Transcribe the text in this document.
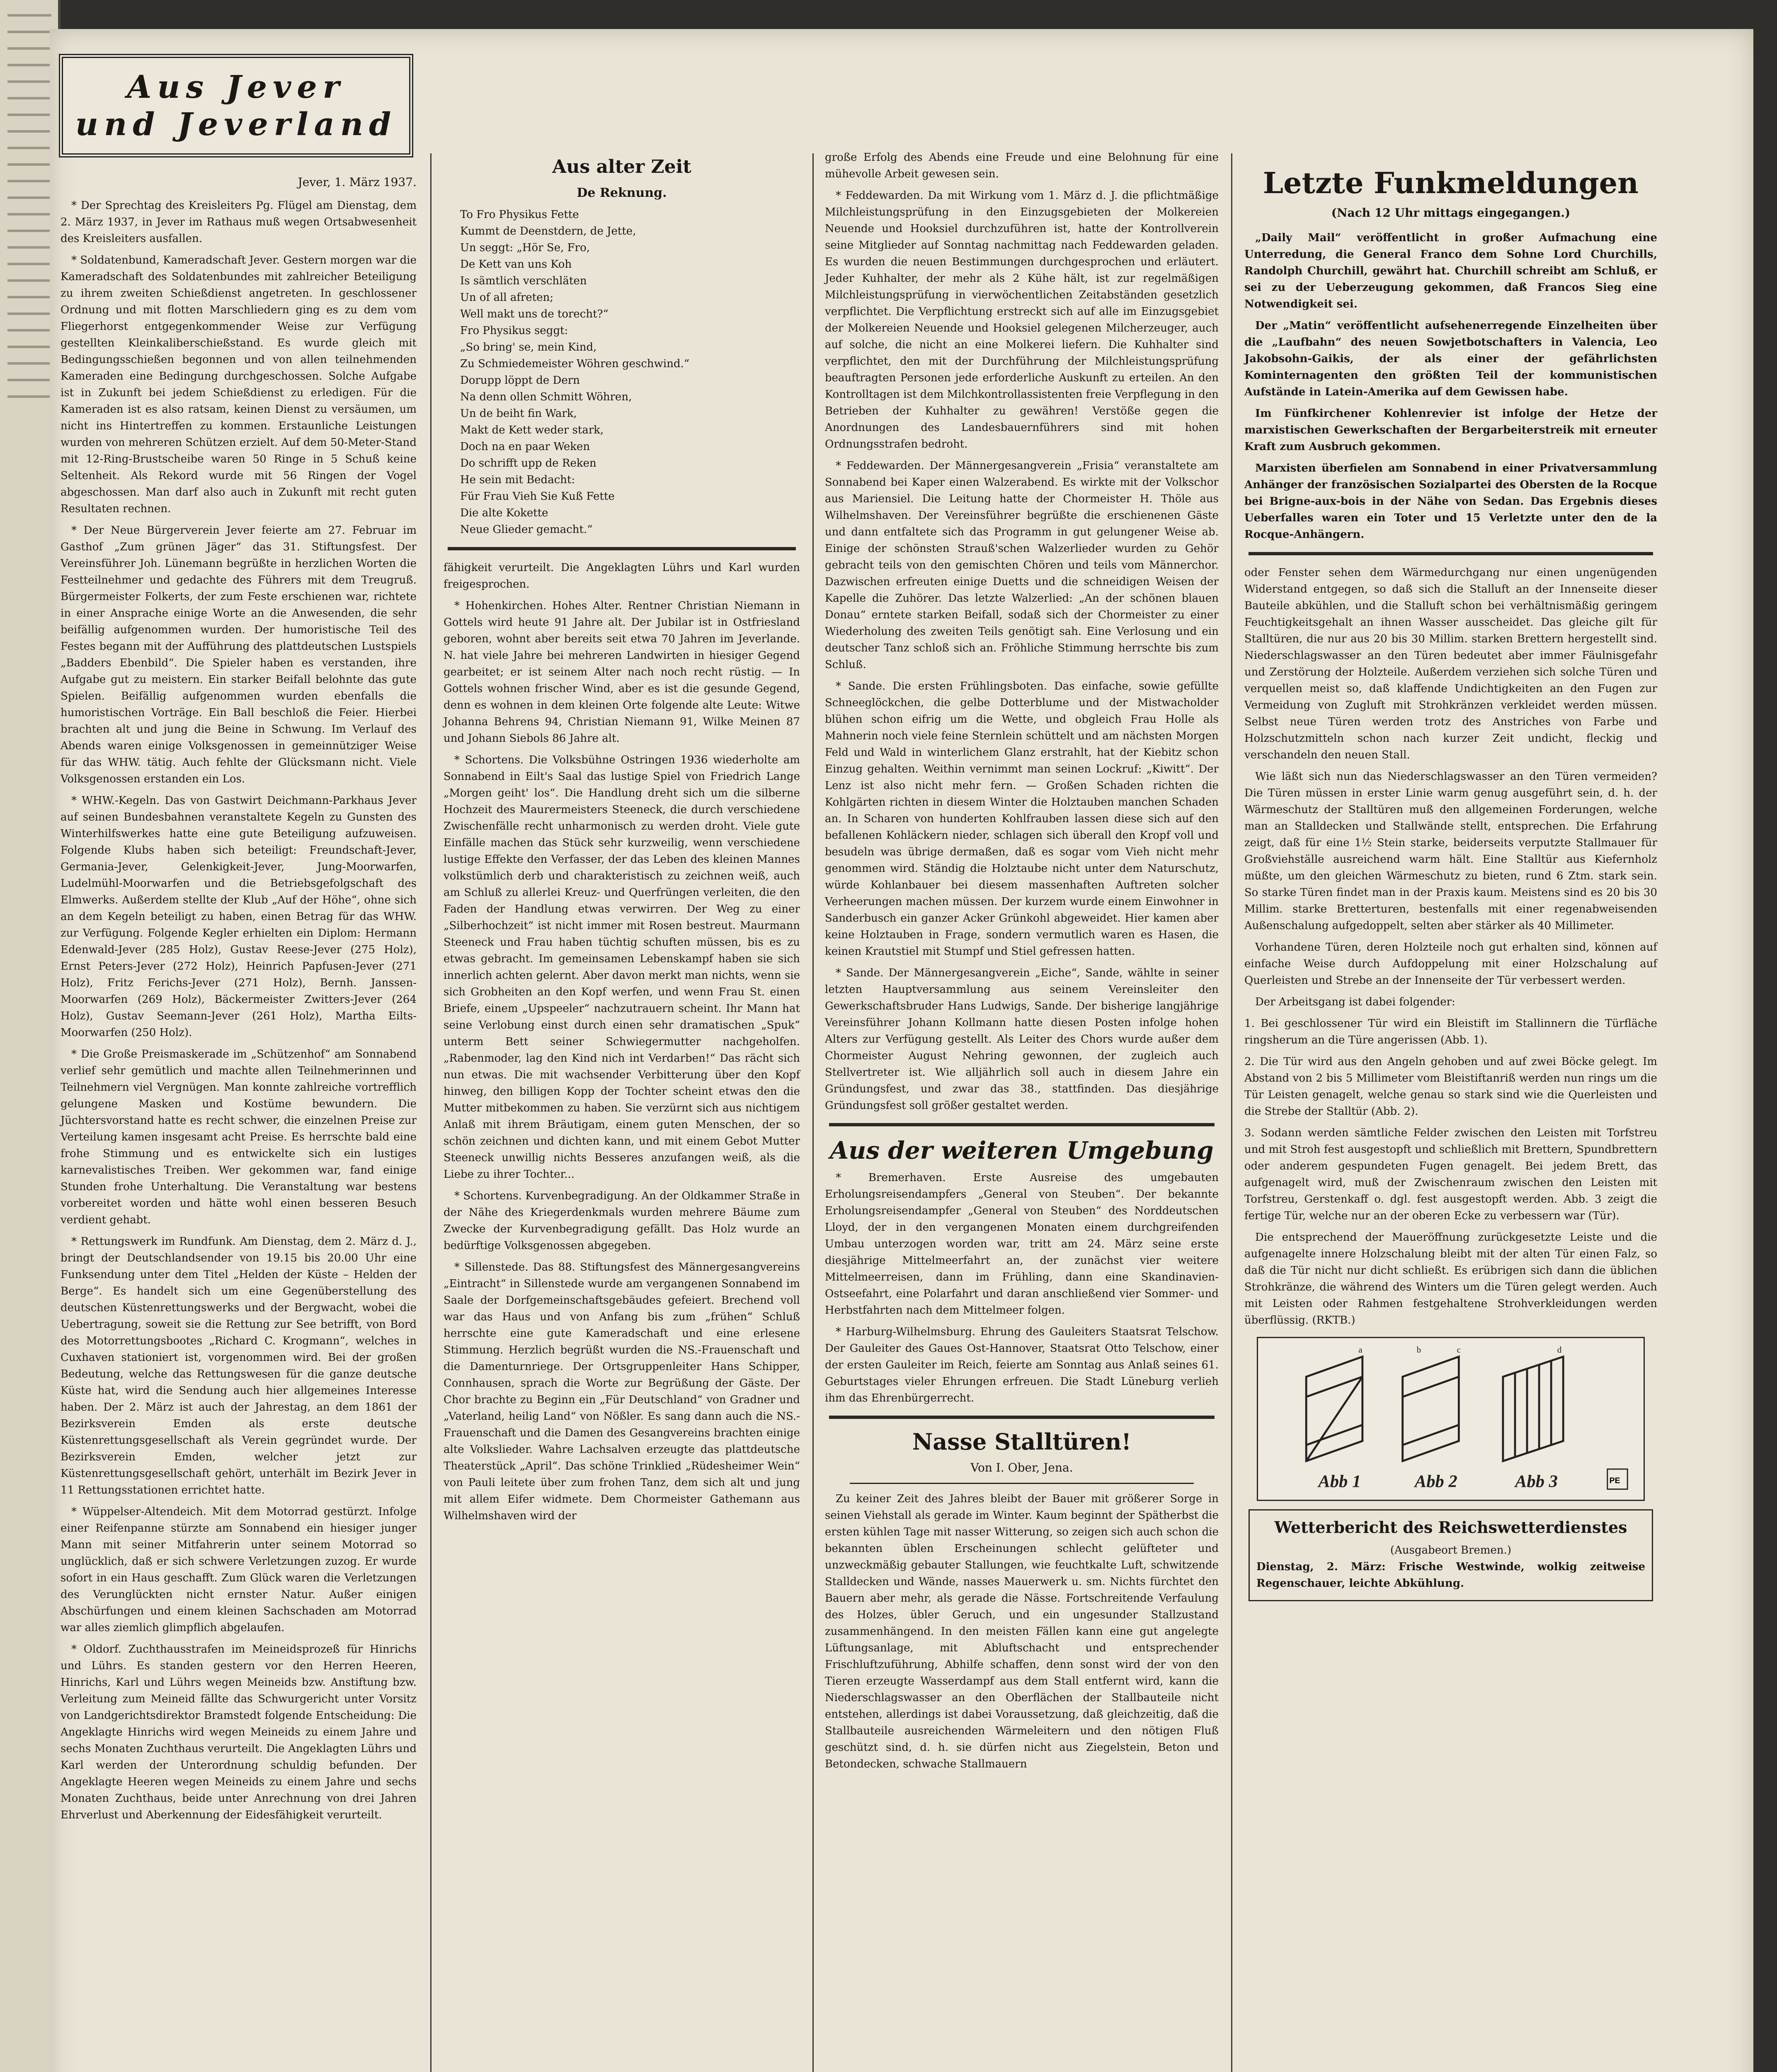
Aus Jever
und Jeverland
Jever, 1. März 1937.

* Der Sprechtag des Kreisleiters Pg. Flügel am Dienstag, dem 2. März 1937, in Jever im Rathaus muß wegen Ortsabwesenheit des Kreisleiters ausfallen.

* Soldatenbund, Kameradschaft Jever. Gestern morgen war die Kameradschaft des Soldatenbundes mit zahlreicher Beteiligung zu ihrem zweiten Schießdienst angetreten. In geschlossener Ordnung und mit flotten Marschliedern ging es zu dem vom Fliegerhorst entgegenkommender Weise zur Verfügung gestellten Kleinkaliberschießstand. Es wurde gleich mit Bedingungsschießen begonnen und von allen teilnehmenden Kameraden eine Bedingung durchgeschossen. Solche Aufgabe ist in Zukunft bei jedem Schießdienst zu erledigen. Für die Kameraden ist es also ratsam, keinen Dienst zu versäumen, um nicht ins Hintertreffen zu kommen. Erstaunliche Leistungen wurden von mehreren Schützen erzielt. Auf dem 50-Meter-Stand mit 12-Ring-Brustscheibe waren 50 Ringe in 5 Schuß keine Seltenheit. Als Rekord wurde mit 56 Ringen der Vogel abgeschossen. Man darf also auch in Zukunft mit recht guten Resultaten rechnen.

* Der Neue Bürgerverein Jever feierte am 27. Februar im Gasthof „Zum grünen Jäger“ das 31. Stiftungsfest. Der Vereinsführer Joh. Lünemann begrüßte in herzlichen Worten die Festteilnehmer und gedachte des Führers mit dem Treugruß. Bürgermeister Folkerts, der zum Feste erschienen war, richtete in einer Ansprache einige Worte an die Anwesenden, die sehr beifällig aufgenommen wurden. Der humoristische Teil des Festes begann mit der Aufführung des plattdeutschen Lustspiels „Badders Ebenbild“. Die Spieler haben es verstanden, ihre Aufgabe gut zu meistern. Ein starker Beifall belohnte das gute Spielen. Beifällig aufgenommen wurden ebenfalls die humoristischen Vorträge. Ein Ball beschloß die Feier. Hierbei brachten alt und jung die Beine in Schwung. Im Verlauf des Abends waren einige Volksgenossen in gemeinnütziger Weise für das WHW. tätig. Auch fehlte der Glücksmann nicht. Viele Volksgenossen erstanden ein Los.

* WHW.-Kegeln. Das von Gastwirt Deichmann-Parkhaus Jever auf seinen Bundesbahnen veranstaltete Kegeln zu Gunsten des Winterhilfswerkes hatte eine gute Beteiligung aufzuweisen. Folgende Klubs haben sich beteiligt: Freundschaft-Jever, Germania-Jever, Gelenkigkeit-Jever, Jung-Moorwarfen, Ludelmühl-Moorwarfen und die Betriebsgefolgschaft des Elmwerks. Außerdem stellte der Klub „Auf der Höhe“, ohne sich an dem Kegeln beteiligt zu haben, einen Betrag für das WHW. zur Verfügung. Folgende Kegler erhielten ein Diplom: Hermann Edenwald-Jever (285 Holz), Gustav Reese-Jever (275 Holz), Ernst Peters-Jever (272 Holz), Heinrich Papfusen-Jever (271 Holz), Fritz Ferichs-Jever (271 Holz), Bernh. Janssen-Moorwarfen (269 Holz), Bäckermeister Zwitters-Jever (264 Holz), Gustav Seemann-Jever (261 Holz), Martha Eilts-Moorwarfen (250 Holz).

* Die Große Preismaskerade im „Schützenhof“ am Sonnabend verlief sehr gemütlich und machte allen Teilnehmerinnen und Teilnehmern viel Vergnügen. Man konnte zahlreiche vortrefflich gelungene Masken und Kostüme bewundern. Die Jüchtersvorstand hatte es recht schwer, die einzelnen Preise zur Verteilung kamen insgesamt acht Preise. Es herrschte bald eine frohe Stimmung und es entwickelte sich ein lustiges karnevalistisches Treiben. Wer gekommen war, fand einige Stunden frohe Unterhaltung. Die Veranstaltung war bestens vorbereitet worden und hätte wohl einen besseren Besuch verdient gehabt.

* Rettungswerk im Rundfunk. Am Dienstag, dem 2. März d. J., bringt der Deutschlandsender von 19.15 bis 20.00 Uhr eine Funksendung unter dem Titel „Helden der Küste – Helden der Berge“. Es handelt sich um eine Gegenüberstellung des deutschen Küstenrettungswerks und der Bergwacht, wobei die Uebertragung, soweit sie die Rettung zur See betrifft, von Bord des Motorrettungsbootes „Richard C. Krogmann“, welches in Cuxhaven stationiert ist, vorgenommen wird. Bei der großen Bedeutung, welche das Rettungswesen für die ganze deutsche Küste hat, wird die Sendung auch hier allgemeines Interesse haben. Der 2. März ist auch der Jahrestag, an dem 1861 der Bezirksverein Emden als erste deutsche Küstenrettungsgesellschaft als Verein gegründet wurde. Der Bezirksverein Emden, welcher jetzt zur Küstenrettungsgesellschaft gehört, unterhält im Bezirk Jever in 11 Rettungsstationen errichtet hatte.

* Wüppelser-Altendeich. Mit dem Motorrad gestürzt. Infolge einer Reifenpanne stürzte am Sonnabend ein hiesiger junger Mann mit seiner Mitfahrerin unter seinem Motorrad so unglücklich, daß er sich schwere Verletzungen zuzog. Er wurde sofort in ein Haus geschafft. Zum Glück waren die Verletzungen des Verunglückten nicht ernster Natur. Außer einigen Abschürfungen und einem kleinen Sachschaden am Motorrad war alles ziemlich glimpflich abgelaufen.

* Oldorf. Zuchthausstrafen im Meineidsprozeß für Hinrichs und Lührs. Es standen gestern vor den Herren Heeren, Hinrichs, Karl und Lührs wegen Meineids bzw. Anstiftung bzw. Verleitung zum Meineid fällte das Schwurgericht unter Vorsitz von Landgerichtsdirektor Bramstedt folgende Entscheidung: Die Angeklagte Hinrichs wird wegen Meineids zu einem Jahre und sechs Monaten Zuchthaus verurteilt. Die Angeklagten Lührs und Karl werden der Unterordnung schuldig befunden. Der Angeklagte Heeren wegen Meineids zu einem Jahre und sechs Monaten Zuchthaus, beide unter Anrechnung von drei Jahren Ehrverlust und Aberkennung der Eidesfähigkeit verurteilt.

Aus alter Zeit
De Reknung.
To Fro Physikus Fette
Kummt de Deenstdern, de Jette,
Un seggt: „Hör Se, Fro,
De Kett van uns Koh
Is sämtlich verschläten
Un of all afreten;
Well makt uns de torecht?“
Fro Physikus seggt:
„So bring' se, mein Kind,
Zu Schmiedemeister Wöhren geschwind.“
Dorupp löppt de Dern
Na denn ollen Schmitt Wöhren,
Un de beiht fin Wark,
Makt de Kett weder stark,
Doch na en paar Weken
Do schrifft upp de Reken
He sein mit Bedacht:
Für Frau Vieh Sie Kuß Fette
Die alte Kokette
Neue Glieder gemacht.“

fähigkeit verurteilt. Die Angeklagten Lührs und Karl wurden freigesprochen.

* Hohenkirchen. Hohes Alter. Rentner Christian Niemann in Gottels wird heute 91 Jahre alt. Der Jubilar ist in Ostfriesland geboren, wohnt aber bereits seit etwa 70 Jahren im Jeverlande. N. hat viele Jahre bei mehreren Landwirten in hiesiger Gegend gearbeitet; er ist seinem Alter nach noch recht rüstig. — In Gottels wohnen frischer Wind, aber es ist die gesunde Gegend, denn es wohnen in dem kleinen Orte folgende alte Leute: Witwe Johanna Behrens 94, Christian Niemann 91, Wilke Meinen 87 und Johann Siebols 86 Jahre alt.

* Schortens. Die Volksbühne Ostringen 1936 wiederholte am Sonnabend in Eilt's Saal das lustige Spiel von Friedrich Lange „Morgen geiht' los“. Die Handlung dreht sich um die silberne Hochzeit des Maurermeisters Steeneck, die durch verschiedene Zwischenfälle recht unharmonisch zu werden droht. Viele gute Einfälle machen das Stück sehr kurzweilig, wenn verschiedene lustige Effekte den Verfasser, der das Leben des kleinen Mannes volkstümlich derb und charakteristisch zu zeichnen weiß, auch am Schluß zu allerlei Kreuz- und Querfrüngen verleiten, die den Faden der Handlung etwas verwirren. Der Weg zu einer „Silberhochzeit“ ist nicht immer mit Rosen bestreut. Maurmann Steeneck und Frau haben tüchtig schuften müssen, bis es zu etwas gebracht. Im gemeinsamen Lebenskampf haben sie sich innerlich achten gelernt. Aber davon merkt man nichts, wenn sie sich Grobheiten an den Kopf werfen, und wenn Frau St. einen Briefe, einem „Upspeeler“ nachzutrauern scheint. Ihr Mann hat seine Verlobung einst durch einen sehr dramatischen „Spuk“ unterm Bett seiner Schwiegermutter nachgeholfen. „Rabenmoder, lag den Kind nich int Verdarben!“ Das rächt sich nun etwas. Die mit wachsender Verbitterung über den Kopf hinweg, den billigen Kopp der Tochter scheint etwas den die Mutter mitbekommen zu haben. Sie verzürnt sich aus nichtigem Anlaß mit ihrem Bräutigam, einem guten Menschen, der so schön zeichnen und dichten kann, und mit einem Gebot Mutter Steeneck unwillig nichts Besseres anzufangen weiß, als die Liebe zu ihrer Tochter...

* Schortens. Kurvenbegradigung. An der Oldkammer Straße in der Nähe des Kriegerdenkmals wurden mehrere Bäume zum Zwecke der Kurvenbegradigung gefällt. Das Holz wurde an bedürftige Volksgenossen abgegeben.

* Sillenstede. Das 88. Stiftungsfest des Männergesangvereins „Eintracht“ in Sillenstede wurde am vergangenen Sonnabend im Saale der Dorfgemeinschaftsgebäudes gefeiert. Brechend voll war das Haus und von Anfang bis zum „frühen“ Schluß herrschte eine gute Kameradschaft und eine erlesene Stimmung. Herzlich begrüßt wurden die NS.-Frauenschaft und die Damenturnriege. Der Ortsgruppenleiter Hans Schipper, Connhausen, sprach die Worte zur Begrüßung der Gäste. Der Chor brachte zu Beginn ein „Für Deutschland“ von Gradner und „Vaterland, heilig Land“ von Nößler. Es sang dann auch die NS.-Frauenschaft und die Damen des Gesangvereins brachten einige alte Volkslieder. Wahre Lachsalven erzeugte das plattdeutsche Theaterstück „April“. Das schöne Trinklied „Rüdesheimer Wein“ von Pauli leitete über zum frohen Tanz, dem sich alt und jung mit allem Eifer widmete. Dem Chormeister Gathemann aus Wilhelmshaven wird der

große Erfolg des Abends eine Freude und eine Belohnung für eine mühevolle Arbeit gewesen sein.

* Feddewarden. Da mit Wirkung vom 1. März d. J. die pflichtmäßige Milchleistungsprüfung in den Einzugsgebieten der Molkereien Neuende und Hooksiel durchzuführen ist, hatte der Kontrollverein seine Mitglieder auf Sonntag nachmittag nach Feddewarden geladen. Es wurden die neuen Bestimmungen durchgesprochen und erläutert. Jeder Kuhhalter, der mehr als 2 Kühe hält, ist zur regelmäßigen Milchleistungsprüfung in vierwöchentlichen Zeitabständen gesetzlich verpflichtet. Die Verpflichtung erstreckt sich auf alle im Einzugsgebiet der Molkereien Neuende und Hooksiel gelegenen Milcherzeuger, auch auf solche, die nicht an eine Molkerei liefern. Die Kuhhalter sind verpflichtet, den mit der Durchführung der Milchleistungsprüfung beauftragten Personen jede erforderliche Auskunft zu erteilen. An den Kontrolltagen ist dem Milchkontrollassistenten freie Verpflegung in den Betrieben der Kuhhalter zu gewähren! Verstöße gegen die Anordnungen des Landesbauernführers sind mit hohen Ordnungsstrafen bedroht.

* Feddewarden. Der Männergesangverein „Frisia“ veranstaltete am Sonnabend bei Kaper einen Walzerabend. Es wirkte mit der Volkschor aus Mariensiel. Die Leitung hatte der Chormeister H. Thöle aus Wilhelmshaven. Der Vereinsführer begrüßte die erschienenen Gäste und dann entfaltete sich das Programm in gut gelungener Weise ab. Einige der schönsten Strauß'schen Walzerlieder wurden zu Gehör gebracht teils von den gemischten Chören und teils vom Männerchor. Dazwischen erfreuten einige Duetts und die schneidigen Weisen der Kapelle die Zuhörer. Das letzte Walzerlied: „An der schönen blauen Donau“ erntete starken Beifall, sodaß sich der Chormeister zu einer Wiederholung des zweiten Teils genötigt sah. Eine Verlosung und ein deutscher Tanz schloß sich an. Fröhliche Stimmung herrschte bis zum Schluß.

* Sande. Die ersten Frühlingsboten. Das einfache, sowie gefüllte Schneeglöckchen, die gelbe Dotterblume und der Mistwacholder blühen schon eifrig um die Wette, und obgleich Frau Holle als Mahnerin noch viele feine Sternlein schüttelt und am nächsten Morgen Feld und Wald in winterlichem Glanz erstrahlt, hat der Kiebitz schon Einzug gehalten. Weithin vernimmt man seinen Lockruf: „Kiwitt“. Der Lenz ist also nicht mehr fern. — Großen Schaden richten die Kohlgärten richten in diesem Winter die Holztauben manchen Schaden an. In Scharen von hunderten Kohlfrauben lassen diese sich auf den befallenen Kohläckern nieder, schlagen sich überall den Kropf voll und besudeln was übrige dermaßen, daß es sogar vom Vieh nicht mehr genommen wird. Ständig die Holztaube nicht unter dem Naturschutz, würde Kohlanbauer bei diesem massenhaften Auftreten solcher Verheerungen machen müssen. Der kurzem wurde einem Einwohner in Sanderbusch ein ganzer Acker Grünkohl abgeweidet. Hier kamen aber keine Holztauben in Frage, sondern vermutlich waren es Hasen, die keinen Krautstiel mit Stumpf und Stiel gefressen hatten.

* Sande. Der Männergesangverein „Eiche“, Sande, wählte in seiner letzten Hauptversammlung aus seinem Vereinsleiter den Gewerkschaftsbruder Hans Ludwigs, Sande. Der bisherige langjährige Vereinsführer Johann Kollmann hatte diesen Posten infolge hohen Alters zur Verfügung gestellt. Als Leiter des Chors wurde außer dem Chormeister August Nehring gewonnen, der zugleich auch Stellvertreter ist. Wie alljährlich soll auch in diesem Jahre ein Gründungsfest, und zwar das 38., stattfinden. Das diesjährige Gründungsfest soll größer gestaltet werden.

Aus der weiteren Umgebung

* Bremerhaven. Erste Ausreise des umgebauten Erholungsreisendampfers „General von Steuben“. Der bekannte Erholungsreisendampfer „General von Steuben“ des Norddeutschen Lloyd, der in den vergangenen Monaten einem durchgreifenden Umbau unterzogen worden war, tritt am 24. März seine erste diesjährige Mittelmeerfahrt an, der zunächst vier weitere Mittelmeerreisen, dann im Frühling, dann eine Skandinavien-Ostseefahrt, eine Polarfahrt und daran anschließend vier Sommer- und Herbstfahrten nach dem Mittelmeer folgen.

* Harburg-Wilhelmsburg. Ehrung des Gauleiters Staatsrat Telschow. Der Gauleiter des Gaues Ost-Hannover, Staatsrat Otto Telschow, einer der ersten Gauleiter im Reich, feierte am Sonntag aus Anlaß seines 61. Geburtstages vieler Ehrungen erfreuen. Die Stadt Lüneburg verlieh ihm das Ehrenbürgerrecht.

Nasse Stalltüren!
Von I. Ober, Jena.

Zu keiner Zeit des Jahres bleibt der Bauer mit größerer Sorge in seinen Viehstall als gerade im Winter. Kaum beginnt der Spätherbst die ersten kühlen Tage mit nasser Witterung, so zeigen sich auch schon die bekannten üblen Erscheinungen schlecht gelüfteter und unzweckmäßig gebauter Stallungen, wie feuchtkalte Luft, schwitzende Stalldecken und Wände, nasses Mauerwerk u. sm. Nichts fürchtet den Bauern aber mehr, als gerade die Nässe. Fortschreitende Verfaulung des Holzes, übler Geruch, und ein ungesunder Stallzustand zusammenhängend. In den meisten Fällen kann eine gut angelegte Lüftungsanlage, mit Abluftschacht und entsprechender Frischluftzuführung, Abhilfe schaffen, denn sonst wird der von den Tieren erzeugte Wasserdampf aus dem Stall entfernt wird, kann die Niederschlagswasser an den Oberflächen der Stallbauteile nicht entstehen, allerdings ist dabei Voraussetzung, daß gleichzeitig, daß die Stallbauteile ausreichenden Wärmeleitern und den nötigen Fluß geschützt sind, d. h. sie dürfen nicht aus Ziegelstein, Beton und Betondecken, schwache Stallmauern

Letzte Funkmeldungen
(Nach 12 Uhr mittags eingegangen.)

„Daily Mail“ veröffentlicht in großer Aufmachung eine Unterredung, die General Franco dem Sohne Lord Churchills, Randolph Churchill, gewährt hat. Churchill schreibt am Schluß, er sei zu der Ueberzeugung gekommen, daß Francos Sieg eine Notwendigkeit sei.

Der „Matin“ veröffentlicht aufsehenerregende Einzelheiten über die „Laufbahn“ des neuen Sowjetbotschafters in Valencia, Leo Jakobsohn-Gaikis, der als einer der gefährlichsten Kominternagenten den größten Teil der kommunistischen Aufstände in Latein-Amerika auf dem Gewissen habe.

Im Fünfkirchener Kohlenrevier ist infolge der Hetze der marxistischen Gewerkschaften der Bergarbeiterstreik mit erneuter Kraft zum Ausbruch gekommen.

Marxisten überfielen am Sonnabend in einer Privatversammlung Anhänger der französischen Sozialpartei des Obersten de la Rocque bei Brigne-aux-bois in der Nähe von Sedan. Das Ergebnis dieses Ueberfalles waren ein Toter und 15 Verletzte unter den de la Rocque-Anhängern.

oder Fenster sehen dem Wärmedurchgang nur einen ungenügenden Widerstand entgegen, so daß sich die Stalluft an der Innenseite dieser Bauteile abkühlen, und die Stalluft schon bei verhältnismäßig geringem Feuchtigkeitsgehalt an ihnen Wasser ausscheidet. Das gleiche gilt für Stalltüren, die nur aus 20 bis 30 Millim. starken Brettern hergestellt sind. Niederschlagswasser an den Türen bedeutet aber immer Fäulnisgefahr und Zerstörung der Holzteile. Außerdem verziehen sich solche Türen und verquellen meist so, daß klaffende Undichtigkeiten an den Fugen zur Vermeidung von Zugluft mit Strohkränzen verkleidet werden müssen. Selbst neue Türen werden trotz des Anstriches von Farbe und Holzschutzmitteln schon nach kurzer Zeit undicht, fleckig und verschandeln den neuen Stall.

Wie läßt sich nun das Niederschlagswasser an den Türen vermeiden? Die Türen müssen in erster Linie warm genug ausgeführt sein, d. h. der Wärmeschutz der Stalltüren muß den allgemeinen Forderungen, welche man an Stalldecken und Stallwände stellt, entsprechen. Die Erfahrung zeigt, daß für eine 1½ Stein starke, beiderseits verputzte Stallmauer für Großviehställe ausreichend warm hält. Eine Stalltür aus Kiefernholz müßte, um den gleichen Wärmeschutz zu bieten, rund 6 Ztm. stark sein. So starke Türen findet man in der Praxis kaum. Meistens sind es 20 bis 30 Millim. starke Bretterturen, bestenfalls mit einer regenabweisenden Außenschalung aufgedoppelt, selten aber stärker als 40 Millimeter.

Vorhandene Türen, deren Holzteile noch gut erhalten sind, können auf einfache Weise durch Aufdoppelung mit einer Holzschalung auf Querleisten und Strebe an der Innenseite der Tür verbessert werden.

Der Arbeitsgang ist dabei folgender:

1. Bei geschlossener Tür wird ein Bleistift im Stallinnern die Türfläche ringsherum an die Türe angerissen (Abb. 1).

2. Die Tür wird aus den Angeln gehoben und auf zwei Böcke gelegt. Im Abstand von 2 bis 5 Millimeter vom Bleistiftanriß werden nun rings um die Tür Leisten genagelt, welche genau so stark sind wie die Querleisten und die Strebe der Stalltür (Abb. 2).

3. Sodann werden sämtliche Felder zwischen den Leisten mit Torfstreu und mit Stroh fest ausgestopft und schließlich mit Brettern, Spundbrettern oder anderem gespundeten Fugen genagelt. Bei jedem Brett, das aufgenagelt wird, muß der Zwischenraum zwischen den Leisten mit Torfstreu, Gerstenkaff o. dgl. fest ausgestopft werden. Abb. 3 zeigt die fertige Tür, welche nur an der oberen Ecke zu verbessern war (Tür).

Die entsprechend der Maueröffnung zurückgesetzte Leiste und die aufgenagelte innere Holzschalung bleibt mit der alten Tür einen Falz, so daß die Tür nicht nur dicht schließt. Es erübrigen sich dann die üblichen Strohkränze, die während des Winters um die Türen gelegt werden. Auch mit Leisten oder Rahmen festgehaltene Strohverkleidungen werden überflüssig. (RKTB.)

a	b	c	d
Abb 1	Abb 2	Abb 3	PE
Wetterbericht des Reichswetterdienstes
(Ausgabeort Bremen.)

Dienstag, 2. März: Frische Westwinde, wolkig zeitweise Regenschauer, leichte Abkühlung.
